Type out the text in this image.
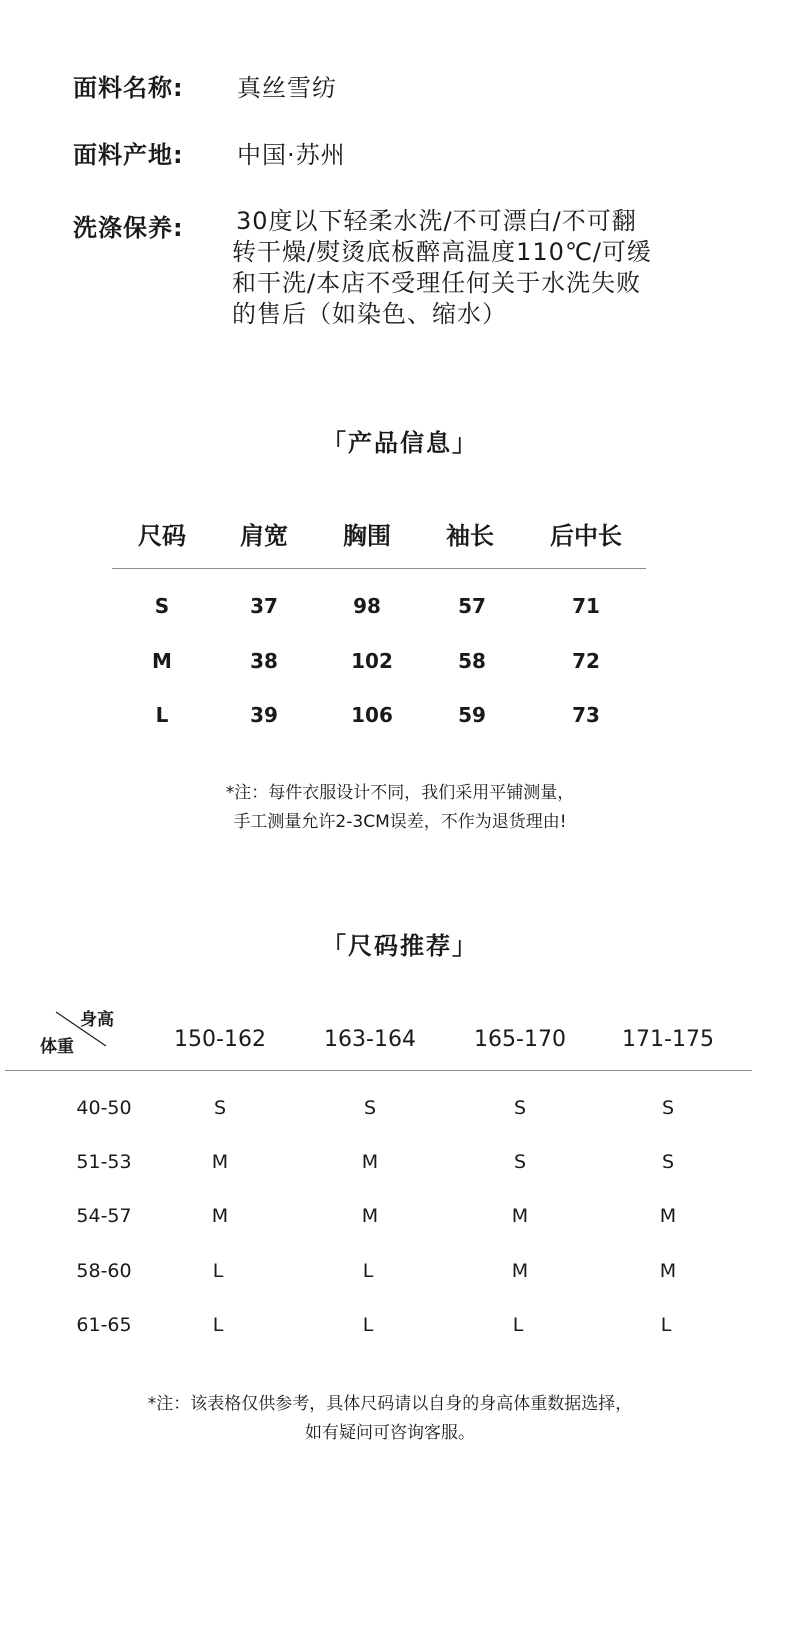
面料名称: 真丝雪纺
面料产地: 中国·苏州
洗涤保养: 30度以下轻柔水洗/不可漂白/不可翻
转干燥/熨烫底板醉高温度110℃/可缓
和干洗/本店不受理任何关于水洗失败
的售后（如染色、缩水）
「产品信息」
尺码	肩宽	胸围	袖长	后中长
S	37	98	57	71
M	38	102	58	72
L	39	106	59	73
*注：每件衣服设计不同，我们采用平铺测量，
手工测量允许2-3CM误差，不作为退货理由!
「尺码推荐」
身高
体重	150-162	163-164	165-170	171-175
40-50	S	S	S	S
51-53	M	M	S	S
54-57	M	M	M	M
58-60	L	L	M	M
61-65	L	L	L	L
*注：该表格仅供参考，具体尺码请以自身的身高体重数据选择，
如有疑问可咨询客服。
